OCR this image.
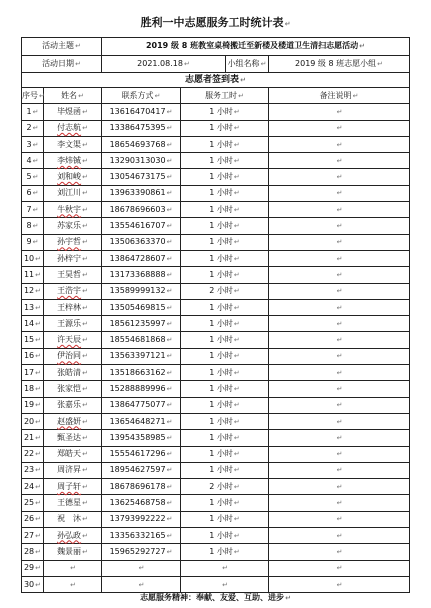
胜利一中志愿服务工时统计表↵
活动主题↵		2019 级 8 班教室桌椅搬迁至新楼及楼道卫生清扫志愿活动↵			
活动日期↵		2021.08.18↵		小组名称↵	2019 级 8 班志愿小组↵
志愿者签到表↵					
序号↵	姓名↵	联系方式↵	服务工时↵		备注说明↵
1↵	毕煜函↵	13616470417↵	1 小时↵		↵
2↵	付志航↵	13386475395↵	1 小时↵		↵
3↵	李文渠↵	18654693768↵	1 小时↵		↵
4↵	李炜铖↵	13290313030↵	1 小时↵		↵
5↵	刘和峻↵	13054673175↵	1 小时↵		↵
6↵	刘江川↵	13963390861↵	1 小时↵		↵
7↵	牛秋宇↵	18678696603↵	1 小时↵		↵
8↵	苏家乐↵	13554616707↵	1 小时↵		↵
9↵	孙宇哲↵	13506363370↵	1 小时↵		↵
10↵	孙梓宁↵	13864728607↵	1 小时↵		↵
11↵	王昊哲↵	13173368888↵	1 小时↵		↵
12↵	王浩宇↵	13589999132↵	2 小时↵		↵
13↵	王梓林↵	13505469815↵	1 小时↵		↵
14↵	王源乐↵	18561235997↵	1 小时↵		↵
15↵	许天辰↵	18554681868↵	1 小时↵		↵
16↵	伊治同↵	13563397121↵	1 小时↵		↵
17↵	张皓清↵	13518663162↵	1 小时↵		↵
18↵	张家恺↵	15288889996↵	1 小时↵		↵
19↵	张嘉乐↵	13864775077↵	1 小时↵		↵
20↵	赵盛妍↵	13654648271↵	1 小时↵		↵
21↵	甄圣达↵	13954358985↵	1 小时↵		↵
22↵	郑皓天↵	15554617296↵	1 小时↵		↵
23↵	周济昇↵	18954627597↵	1 小时↵		↵
24↵	周子轩↵	18678696178↵	2 小时↵		↵
25↵	王德星↵	13625468758↵	1 小时↵		↵
26↵	祝　沐↵	13793992222↵	1 小时↵		↵
27↵	孙弘政↵	13356332165↵	1 小时↵		↵
28↵	魏景丽↵	15965292727↵	1 小时↵		↵
29↵	↵	↵	↵		↵
30↵	↵	↵	↵		↵
志愿服务精神：奉献、友爱、互助、进步↵
